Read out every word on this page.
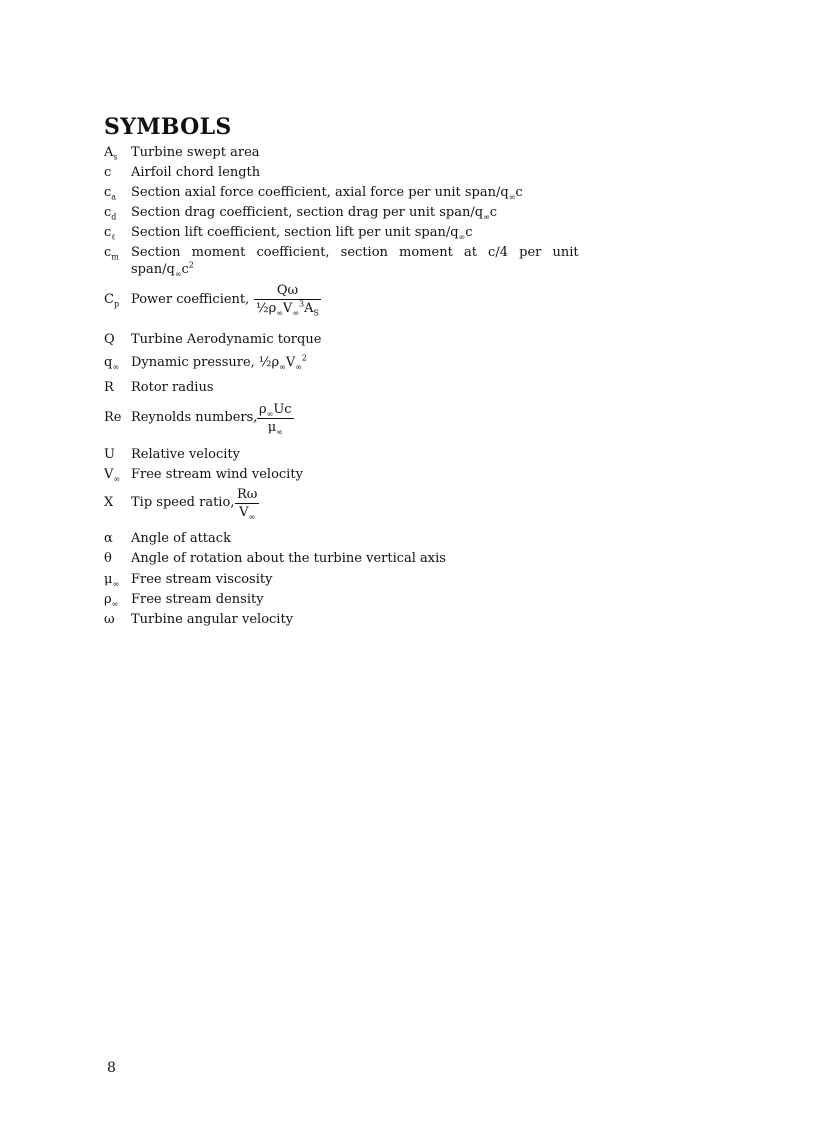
SYMBOLS
$A_s$	Turbine swept area
c	Airfoil chord length
$c_a$	Section axial force coefficient, axial force per unit span/$q_\infty c$
$c_d$	Section drag coefficient, section drag per unit span/$q_\infty c$
$c_\ell$	Section lift coefficient, section lift per unit span/$q_\infty c$
$c_m$ Section moment coefficient, section moment at c/4 per unit
span/$q_\infty c^2$
$C_p$ Power coefficient, $\frac{Q\omega}{\frac{1}{2}\rho_\infty V_\infty^3A_S}$
Q	Turbine Aerodynamic torque
$q_\infty$ Dynamic pressure, $\frac{1}{2}\rho_\infty V_\infty^2$
R	Rotor radius
Re Reynolds numbers, $\frac{\rho_\infty Uc}{\mu_\infty}$
U	Relative velocity
$V_\infty$ Free stream wind velocity
X	Tip speed ratio, $\frac{R\omega}{V_\infty}$
α	Angle of attack
θ	Angle of rotation about the turbine vertical axis
$\mu_\infty$ Free stream viscosity
$\rho_\infty$ Free stream density
ω	Turbine angular velocity
8
